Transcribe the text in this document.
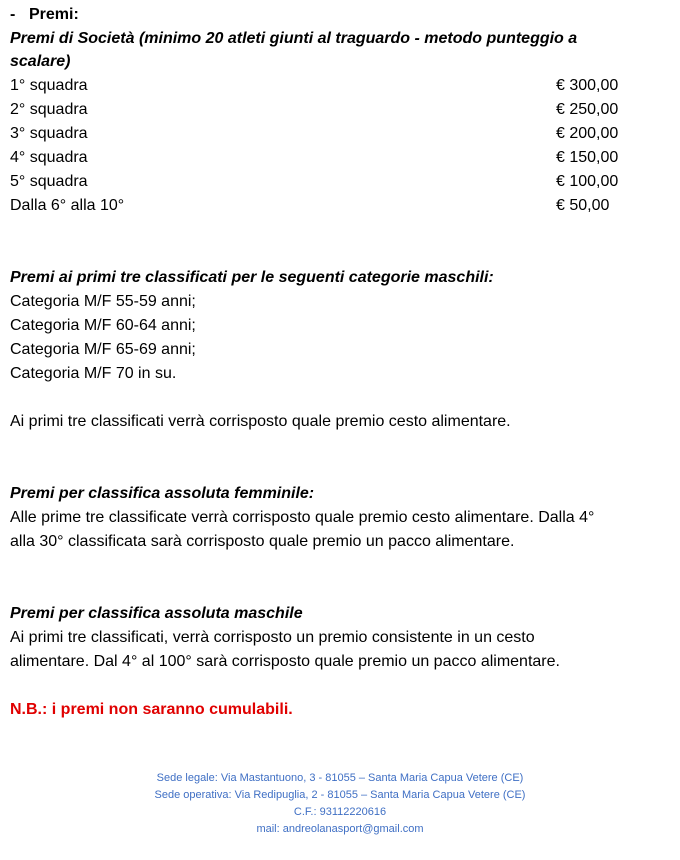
- Premi:
Premi di Società (minimo 20 atleti giunti al traguardo - metodo punteggio a
scalare)
1° squadra	€ 300,00
2° squadra	€ 250,00
3° squadra	€ 200,00
4° squadra	€ 150,00
5° squadra	€ 100,00
Dalla 6° alla 10°	€ 50,00
Premi ai primi tre classificati per le seguenti categorie maschili:
Categoria M/F 55-59 anni;
Categoria M/F 60-64 anni;
Categoria M/F 65-69 anni;
Categoria M/F 70 in su.
Ai primi tre classificati verrà corrisposto quale premio cesto alimentare.
Premi per classifica assoluta femminile:
Alle prime tre classificate verrà corrisposto quale premio cesto alimentare. Dalla 4°
alla 30° classificata sarà corrisposto quale premio un pacco alimentare.
Premi per classifica assoluta maschile
Ai primi tre classificati, verrà corrisposto un premio consistente in un cesto
alimentare. Dal 4° al 100° sarà corrisposto quale premio un pacco alimentare.
N.B.: i premi non saranno cumulabili.
Sede legale: Via Mastantuono, 3 - 81055 – Santa Maria Capua Vetere (CE)
Sede operativa: Via Redipuglia, 2 - 81055 – Santa Maria Capua Vetere (CE)
C.F.: 93112220616
mail: andreolanasport@gmail.com
